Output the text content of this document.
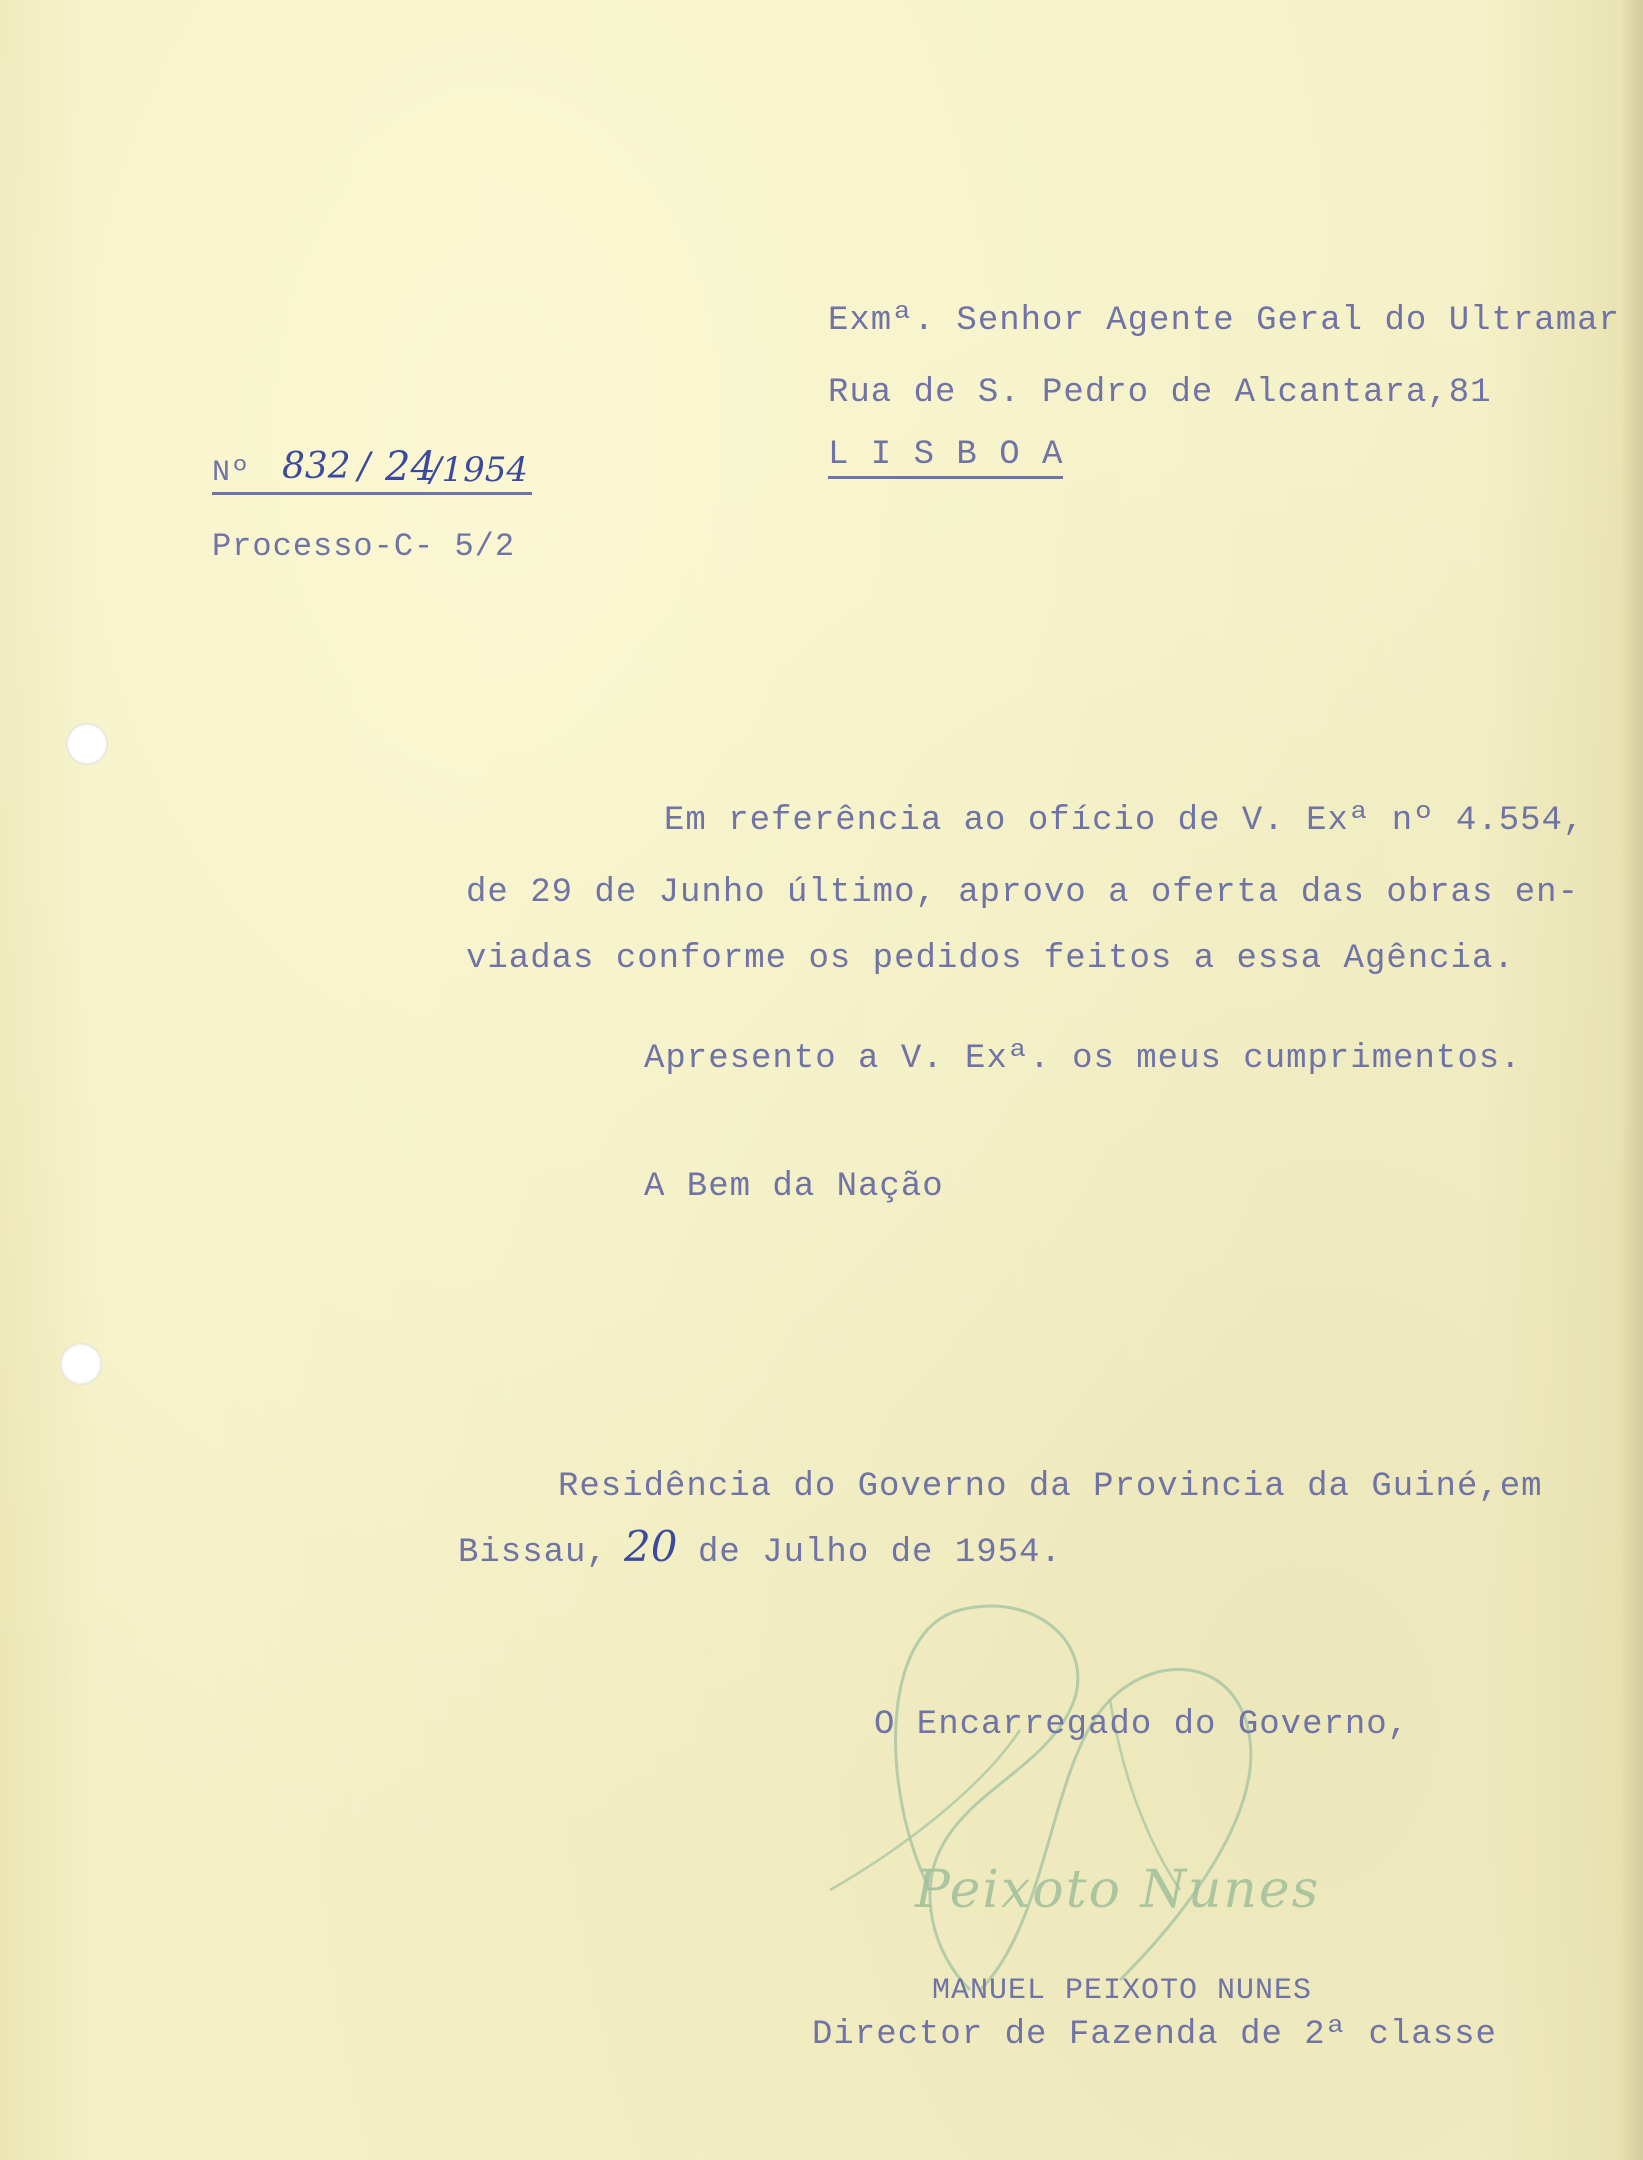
Exmª. Senhor Agente Geral do Ultramar
Rua de S. Pedro de Alcantara,81
L I S B O A
Nº 832 / 24
/1954
Processo-C- 5/2
Em referência ao ofício de V. Exª nº 4.554,
de 29 de Junho último, aprovo a oferta das obras en-
viadas conforme os pedidos feitos a essa Agência.
Apresento a V. Exª. os meus cumprimentos.
A Bem da Nação
Residência do Governo da Provincia da Guiné,em
Bissau, 20 de Julho de 1954.
Peixoto Nunes
O Encarregado do Governo,
MANUEL PEIXOTO NUNES
Director de Fazenda de 2ª classe
